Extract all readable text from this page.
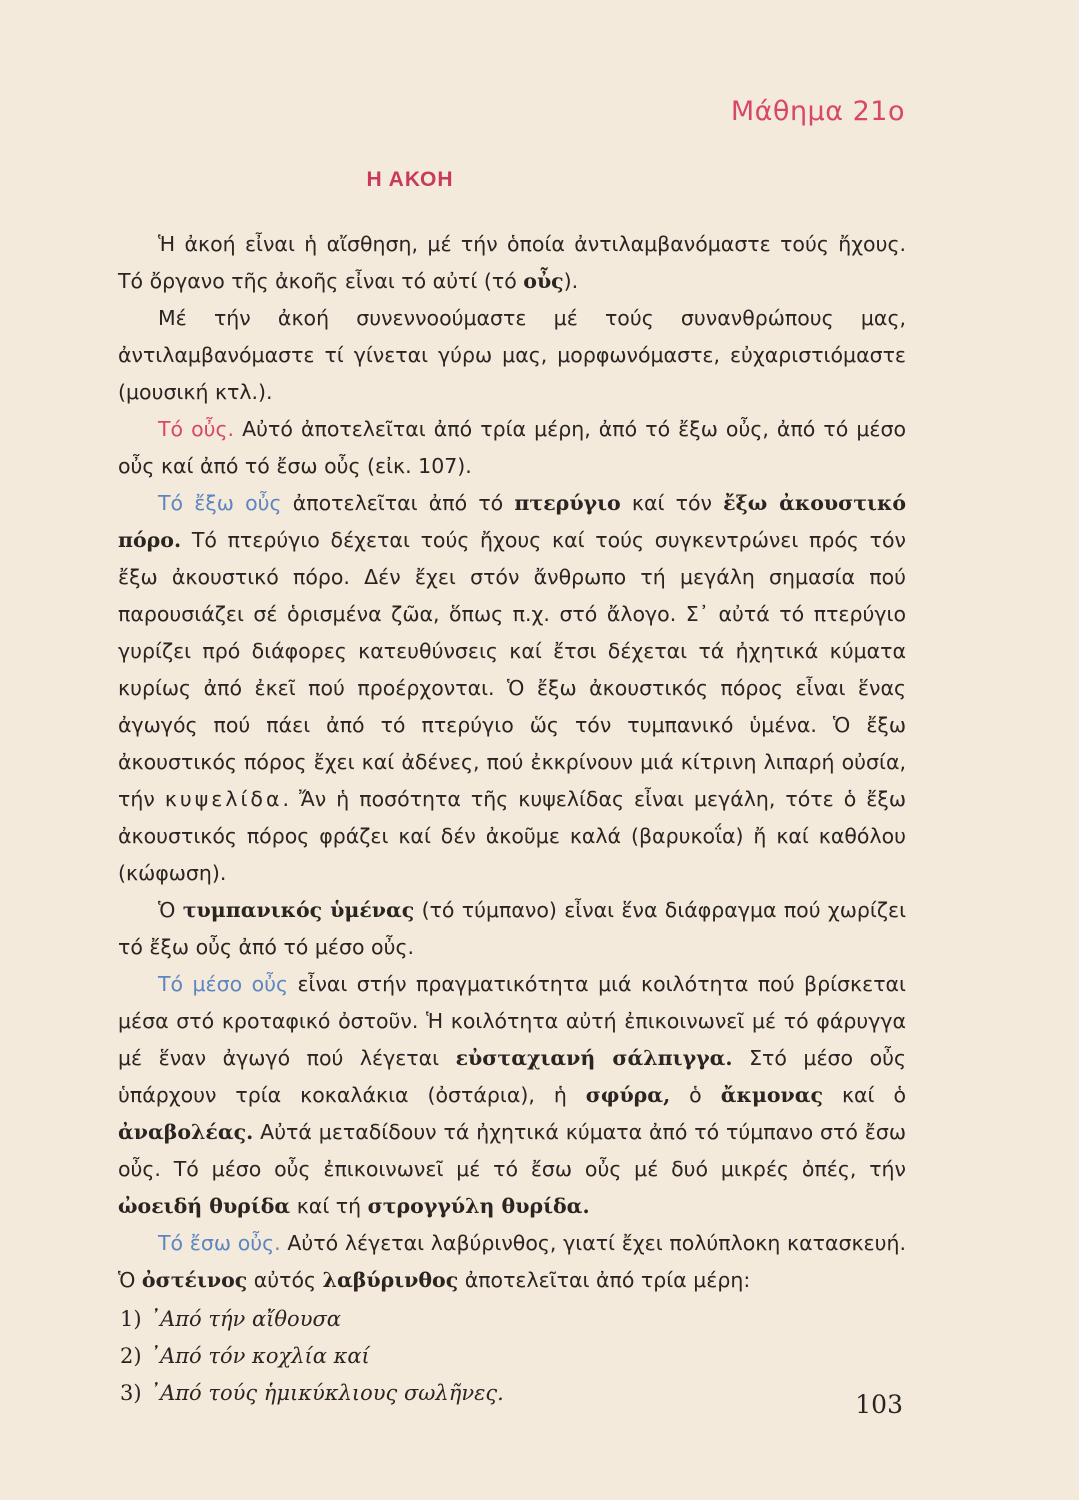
Μάθημα 21ο
Η ΑΚΟΗ

Ἡ ἀκοή εἶναι ἡ αἴσθηση, μέ τήν ὁποία ἀντιλαμβανόμαστε τούς ἤχους. Τό ὄργανο τῆς ἀκοῆς εἶναι τό αὐτί (τό οὖς).

Μέ τήν ἀκοή συνεννοούμαστε μέ τούς συνανθρώπους μας, ἀντιλαμβανόμαστε τί γίνεται γύρω μας, μορφωνόμαστε, εὐχαριστιόμαστε (μουσική κτλ.).

Τό οὖς. Αὐτό ἀποτελεῖται ἀπό τρία μέρη, ἀπό τό ἔξω οὖς, ἀπό τό μέσο οὖς καί ἀπό τό ἔσω οὖς (εἰκ. 107).

Τό ἔξω οὖς ἀποτελεῖται ἀπό τό πτερύγιο καί τόν ἔξω ἀκουστικό πόρο. Τό πτερύγιο δέχεται τούς ἤχους καί τούς συγκεντρώνει πρός τόν ἔξω ἀκουστικό πόρο. Δέν ἔχει στόν ἄνθρωπο τή μεγάλη σημασία πού παρουσιάζει σέ ὁρισμένα ζῶα, ὅπως π.χ. στό ἄλογο. Σ᾿ αὐτά τό πτερύγιο γυρίζει πρό διάφορες κατευθύνσεις καί ἔτσι δέχεται τά ἠχητικά κύματα κυρίως ἀπό ἐκεῖ πού προέρχονται. Ὁ ἔξω ἀκουστικός πόρος εἶναι ἕνας ἀγωγός πού πάει ἀπό τό πτερύγιο ὥς τόν τυμπανικό ὑμένα. Ὁ ἔξω ἀκουστικός πόρος ἔχει καί ἀδένες, πού ἐκκρίνουν μιά κίτρινη λιπαρή οὐσία, τήν κυψελίδα. Ἄν ἡ ποσότητα τῆς κυψελίδας εἶναι μεγάλη, τότε ὁ ἔξω ἀκουστικός πόρος φράζει καί δέν ἀκοῦμε καλά (βαρυκοΐα) ἤ καί καθόλου (κώφωση).

Ὁ τυμπανικός ὑμένας (τό τύμπανο) εἶναι ἕνα διάφραγμα πού χωρίζει τό ἔξω οὖς ἀπό τό μέσο οὖς.

Τό μέσο οὖς εἶναι στήν πραγματικότητα μιά κοιλότητα πού βρίσκεται μέσα στό κροταφικό ὀστοῦν. Ἡ κοιλότητα αὐτή ἐπικοινωνεῖ μέ τό φάρυγγα μέ ἕναν ἀγωγό πού λέγεται εὐσταχιανή σάλπιγγα. Στό μέσο οὖς ὑπάρχουν τρία κοκαλάκια (ὀστάρια), ἡ σφύρα, ὁ ἄκμονας καί ὁ ἀναβολέας. Αὐτά μεταδίδουν τά ἠχητικά κύματα ἀπό τό τύμπανο στό ἔσω οὖς. Τό μέσο οὖς ἐπικοινωνεῖ μέ τό ἔσω οὖς μέ δυό μικρές ὀπές, τήν ὠοειδή θυρίδα καί τή στρογγύλη θυρίδα.

Τό ἔσω οὖς. Αὐτό λέγεται λαβύρινθος, γιατί ἔχει πολύπλοκη κατασκευή. Ὁ ὀστέινος αὐτός λαβύρινθος ἀποτελεῖται ἀπό τρία μέρη:

1) ᾿Από τήν αἴθουσα
2) ᾿Από τόν κοχλία καί
3) ᾿Από τούς ἡμικύκλιους σωλῆνες.	103
